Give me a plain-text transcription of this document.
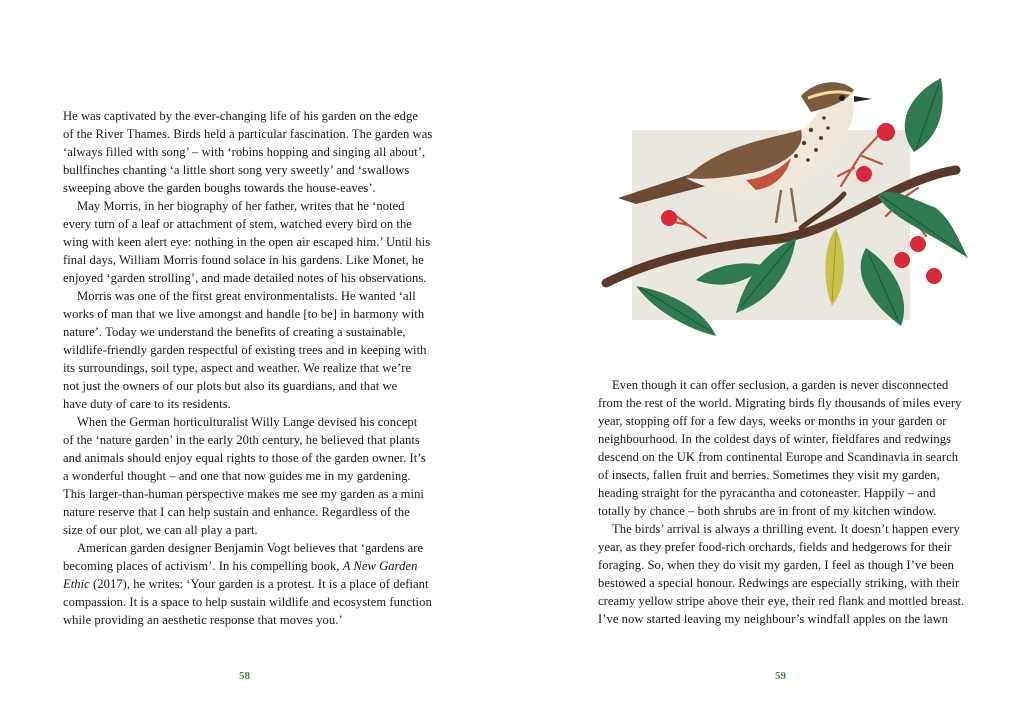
He was captivated by the ever-changing life of his garden on the edge
of the River Thames. Birds held a particular fascination. The garden was
‘always filled with song’ – with ‘robins hopping and singing all about’,
bullfinches chanting ‘a little short song very sweetly’ and ‘swallows
sweeping above the garden boughs towards the house-eaves’.

May Morris, in her biography of her father, writes that he ‘noted
every turn of a leaf or attachment of stem, watched every bird on the
wing with keen alert eye: nothing in the open air escaped him.’ Until his
final days, William Morris found solace in his gardens. Like Monet, he
enjoyed ‘garden strolling’, and made detailed notes of his observations.

Morris was one of the first great environmentalists. He wanted ‘all
works of man that we live amongst and handle [to be] in harmony with
nature’. Today we understand the benefits of creating a sustainable,
wildlife-friendly garden respectful of existing trees and in keeping with
its surroundings, soil type, aspect and weather. We realize that we’re
not just the owners of our plots but also its guardians, and that we
have duty of care to its residents.

When the German horticulturalist Willy Lange devised his concept
of the ‘nature garden’ in the early 20th century, he believed that plants
and animals should enjoy equal rights to those of the garden owner. It’s
a wonderful thought – and one that now guides me in my gardening.
This larger-than-human perspective makes me see my garden as a mini
nature reserve that I can help sustain and enhance. Regardless of the
size of our plot, we can all play a part.

American garden designer Benjamin Vogt believes that ‘gardens are
becoming places of activism’. In his compelling book, A New Garden
Ethic (2017), he writes: ‘Your garden is a protest. It is a place of defiant
compassion. It is a space to help sustain wildlife and ecosystem function
while providing an aesthetic response that moves you.’

58

Even though it can offer seclusion, a garden is never disconnected
from the rest of the world. Migrating birds fly thousands of miles every
year, stopping off for a few days, weeks or months in your garden or
neighbourhood. In the coldest days of winter, fieldfares and redwings
descend on the UK from continental Europe and Scandinavia in search
of insects, fallen fruit and berries. Sometimes they visit my garden,
heading straight for the pyracantha and cotoneaster. Happily – and
totally by chance – both shrubs are in front of my kitchen window.

The birds’ arrival is always a thrilling event. It doesn’t happen every
year, as they prefer food-rich orchards, fields and hedgerows for their
foraging. So, when they do visit my garden, I feel as though I’ve been
bestowed a special honour. Redwings are especially striking, with their
creamy yellow stripe above their eye, their red flank and mottled breast.
I’ve now started leaving my neighbour’s windfall apples on the lawn

59
